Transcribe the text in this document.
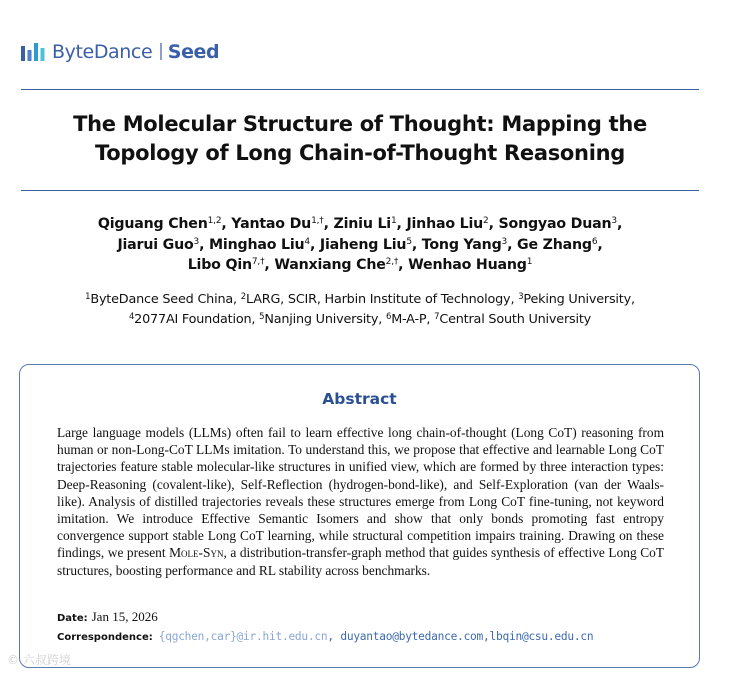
ByteDance Seed
The Molecular Structure of Thought: Mapping the
Topology of Long Chain-of-Thought Reasoning
Qiguang Chen$^{1,2}$, Yantao $Du^{1,\dagger}$, Ziniu Li$^1$, Jinhao Liu$^2$, Songyao Duan$^3$,
Jiarui Guo$^3$, Minghao Liu$^4$, Jiaheng Liu$^5$, Tong Yang$^3$, Ge Zhang$^6$,
Libo Qin$^{7,\dagger}$, Wanxiang Che$^{2,\dagger}$, Wenhao Huang$^1$
$^1$ByteDance Seed China, $^2$LARG, SCIR, Harbin Institute of Technology, $^3$Peking University,
$^4$2077AI Foundation, $^5$Nanjing University, $^6$M-A-P, $^7$Central South University
Abstract
Large language models (LLMs) often fail to learn effective long chain-of-thought (Long CoT) reasoning from human or non-Long-CoT LLMs imitation. To understand this, we propose that effective and learnable Long CoT trajectories feature stable molecular-like structures in unified view, which are formed by three interaction types: Deep-Reasoning (covalent-like), Self-Reflection (hydrogen-bond-like), and Self-Exploration (van der Waals-like). Analysis of distilled trajectories reveals these structures emerge from Long CoT fine-tuning, not keyword imitation. We introduce Effective Semantic Isomers and show that only bonds promoting fast entropy convergence support stable Long CoT learning, while structural competition impairs training. Drawing on these findings, we present Mole-Syn, a distribution-transfer-graph method that guides synthesis of effective Long CoT structures, boosting performance and RL stability across benchmarks.
Date: Jan 15, 2026
Correspondence: {qgchen,car}@ir.hit.edu.cn, duyantao@bytedance.com,lbqin@csu.edu.cn
© 六叔跨境
